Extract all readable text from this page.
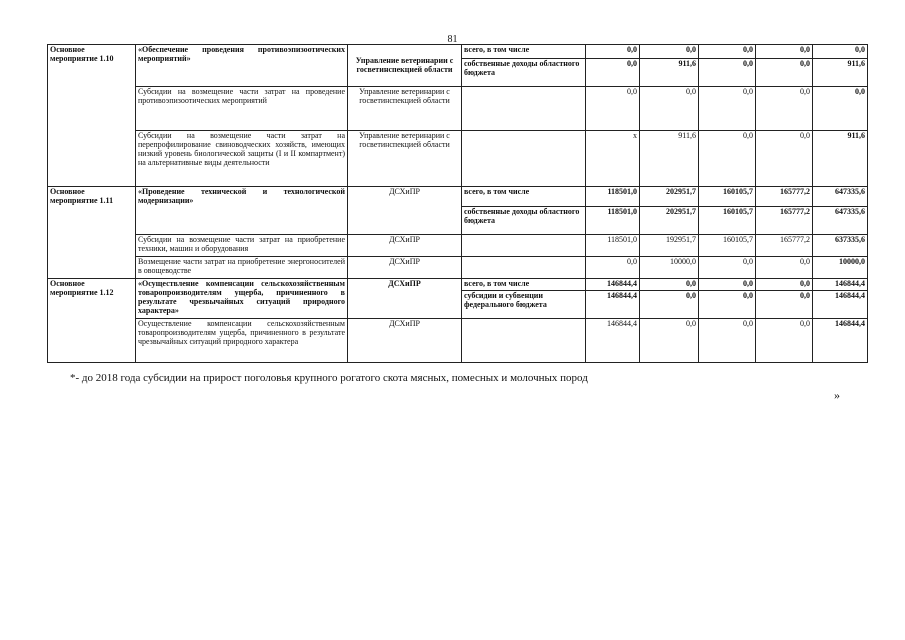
81
Основное мероприятие 1.10	«Обеспечение проведения противоэпизоотических мероприятий»	Управление ветеринарии с госветинспекцией области	всего, в том числе	0,0	0,0	0,0	0,0	0,0
			собственные доходы областного бюджета	0,0	911,6	0,0	0,0	911,6
	Субсидии на возмещение части затрат на проведение противоэпизоотических мероприятий	Управление ветеринарии с госветинспекцией области		0,0	0,0	0,0	0,0	0,0
	Субсидии на возмещение части затрат на перепрофилирование свиноводческих хозяйств, имеющих низкий уровень биологической защиты (I и II компартмент) на альтернативные виды деятельности	Управление ветеринарии с госветинспекцией области		х	911,6	0,0	0,0	911,6
Основное мероприятие 1.11	«Проведение технической и технологической модернизации»	ДСХиПР	всего, в том числе	118501,0	202951,7	160105,7	165777,2	647335,6
			собственные доходы областного бюджета	118501,0	202951,7	160105,7	165777,2	647335,6
	Субсидии на возмещение части затрат на приобретение техники, машин и оборудования	ДСХиПР		118501,0	192951,7	160105,7	165777,2	637335,6
	Возмещение части затрат на приобретение энергоносителей в овощеводстве	ДСХиПР		0,0	10000,0	0,0	0,0	10000,0
Основное мероприятие 1.12	«Осуществление компенсации сельскохозяйственным товаропроизводителям ущерба, причиненного в результате чрезвычайных ситуаций природного характера»	ДСХиПР	всего, в том числе	146844,4	0,0	0,0	0,0	146844,4
			субсидии и субвенции федерального бюджета	146844,4	0,0	0,0	0,0	146844,4
	Осуществление компенсации сельскохозяйственным товаропроизводителям ущерба, причиненного в результате чрезвычайных ситуаций природного характера	ДСХиПР		146844,4	0,0	0,0	0,0	146844,4
*- до 2018 года субсидии на прирост поголовья крупного рогатого скота мясных, помесных и молочных пород
»
